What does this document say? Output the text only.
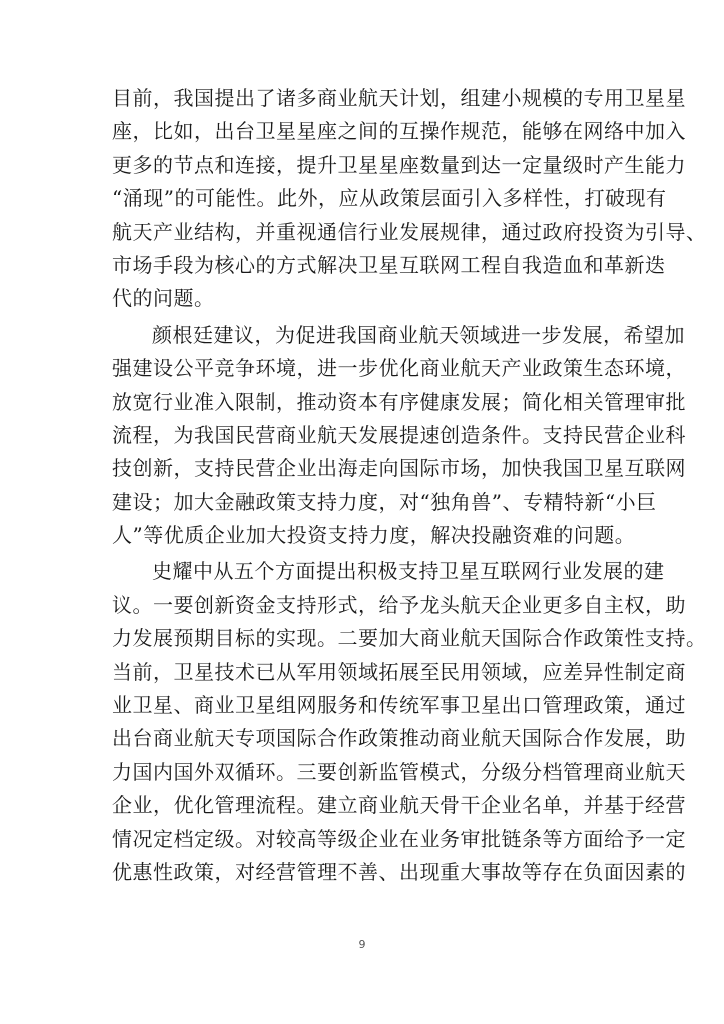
目前，我国提出了诸多商业航天计划，组建小规模的专用卫星星
座，比如，出台卫星星座之间的互操作规范，能够在网络中加入
更多的节点和连接，提升卫星星座数量到达一定量级时产生能力
“涌现”的可能性。此外，应从政策层面引入多样性，打破现有
航天产业结构，并重视通信行业发展规律，通过政府投资为引导、
市场手段为核心的方式解决卫星互联网工程自我造血和革新迭
代的问题。
颜根廷建议，为促进我国商业航天领域进一步发展，希望加
强建设公平竞争环境，进一步优化商业航天产业政策生态环境，
放宽行业准入限制，推动资本有序健康发展；简化相关管理审批
流程，为我国民营商业航天发展提速创造条件。支持民营企业科
技创新，支持民营企业出海走向国际市场，加快我国卫星互联网
建设；加大金融政策支持力度，对“独角兽”、专精特新“小巨
人”等优质企业加大投资支持力度，解决投融资难的问题。
史耀中从五个方面提出积极支持卫星互联网行业发展的建
议。一要创新资金支持形式，给予龙头航天企业更多自主权，助
力发展预期目标的实现。二要加大商业航天国际合作政策性支持。
当前，卫星技术已从军用领域拓展至民用领域，应差异性制定商
业卫星、商业卫星组网服务和传统军事卫星出口管理政策，通过
出台商业航天专项国际合作政策推动商业航天国际合作发展，助
力国内国外双循环。三要创新监管模式，分级分档管理商业航天
企业，优化管理流程。建立商业航天骨干企业名单，并基于经营
情况定档定级。对较高等级企业在业务审批链条等方面给予一定
优惠性政策，对经营管理不善、出现重大事故等存在负面因素的
9
